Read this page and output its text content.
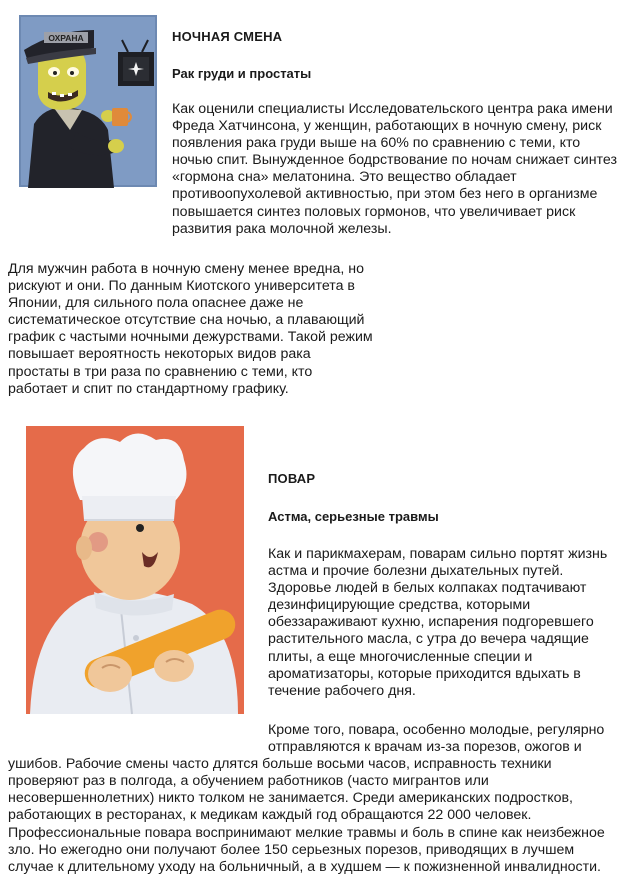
ОХРАНА	НОЧНАЯ СМЕНА
Рак груди и простаты
Как оценили специалисты Исследовательского центра рака имени Фреда Хатчинсона, у женщин, работающих в ночную смену, риск появления рака груди выше на 60% по сравнению с теми, кто ночью спит. Вынужденное бодрствование по ночам снижает синтез «гормона сна» мелатонина. Это вещество обладает противоопухолевой активностью, при этом без него в организме повышается синтез половых гормонов, что увеличивает риск развития рака молочной железы.

Для мужчин работа в ночную смену менее вредна, но рискуют и они. По данным Киотского университета в Японии, для сильного пола опаснее даже не систематическое отсутствие сна ночью, а плавающий график с частыми ночными дежурствами. Такой режим повышает вероятность некоторых видов рака простаты в три раза по сравнению с теми, кто работает и спит по стандартному графику.

ПОВАР
Астма, серьезные травмы

Как и парикмахерам, поварам сильно портят жизнь астма и прочие болезни дыхательных путей. Здоровье людей в белых колпаках подтачивают дезинфицирующие средства, которыми обеззараживают кухню, испарения подгоревшего растительного масла, с утра до вечера чадящие плиты, а еще многочисленные специи и ароматизаторы, которые приходится вдыхать в течение рабочего дня.

Кроме того, повара, особенно молодые, регулярно отправляются к врачам из-за порезов, ожогов и ушибов. Рабочие смены часто длятся больше восьми часов, исправность техники проверяют раз в полгода, а обучением работников (часто мигрантов или несовершеннолетних) никто толком не занимается. Среди американских подростков, работающих в ресторанах, к медикам каждый год обращаются 22 000 человек. Профессиональные повара воспринимают мелкие травмы и боль в спине как неизбежное зло. Но ежегодно они получают более 150 серьезных порезов, приводящих в лучшем случае к длительному уходу на больничный, а в худшем — к пожизненной инвалидности.
